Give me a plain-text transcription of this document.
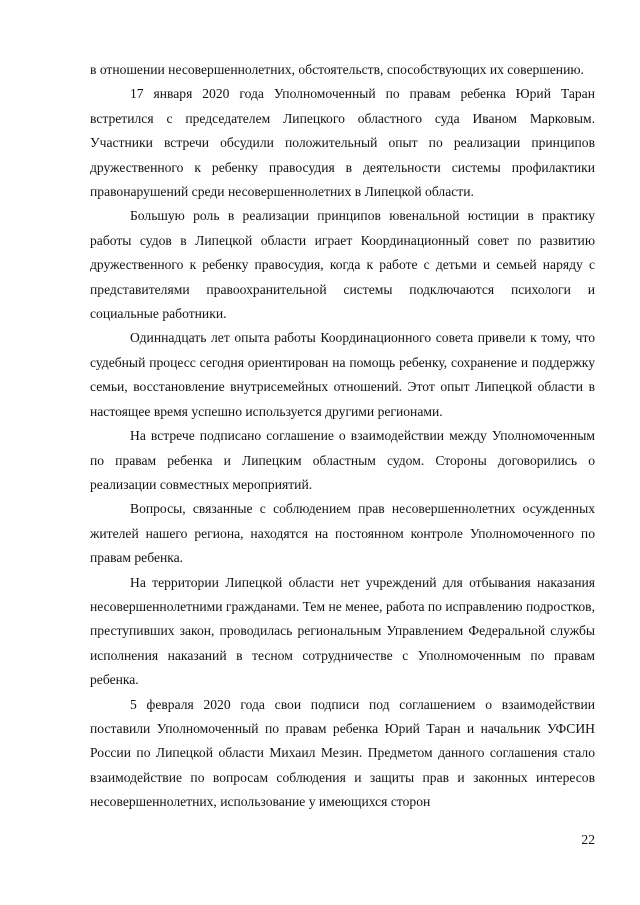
в отношении несовершеннолетних, обстоятельств, способствующих их совершению.

17 января 2020 года Уполномоченный по правам ребенка Юрий Таран встретился с председателем Липецкого областного суда Иваном Марковым. Участники встречи обсудили положительный опыт по реализации принципов дружественного к ребенку правосудия в деятельности системы профилактики правонарушений среди несовершеннолетних в Липецкой области.

Большую роль в реализации принципов ювенальной юстиции в практику работы судов в Липецкой области играет Координационный совет по развитию дружественного к ребенку правосудия, когда к работе с детьми и семьей наряду с представителями правоохранительной системы подключаются психологи и социальные работники.

Одиннадцать лет опыта работы Координационного совета привели к тому, что судебный процесс сегодня ориентирован на помощь ребенку, сохранение и поддержку семьи, восстановление внутрисемейных отношений. Этот опыт Липецкой области в настоящее время успешно используется другими регионами.

На встрече подписано соглашение о взаимодействии между Уполномоченным по правам ребенка и Липецким областным судом. Стороны договорились о реализации совместных мероприятий.

Вопросы, связанные с соблюдением прав несовершеннолетних осужденных жителей нашего региона, находятся на постоянном контроле Уполномоченного по правам ребенка.

На территории Липецкой области нет учреждений для отбывания наказания несовершеннолетними гражданами. Тем не менее, работа по исправлению подростков, преступивших закон, проводилась региональным Управлением Федеральной службы исполнения наказаний в тесном сотрудничестве с Уполномоченным по правам ребенка.

5 февраля 2020 года свои подписи под соглашением о взаимодействии поставили Уполномоченный по правам ребенка Юрий Таран и начальник УФСИН России по Липецкой области Михаил Мезин. Предметом данного соглашения стало взаимодействие по вопросам соблюдения и защиты прав и законных интересов несовершеннолетних, использование у имеющихся сторон

22
